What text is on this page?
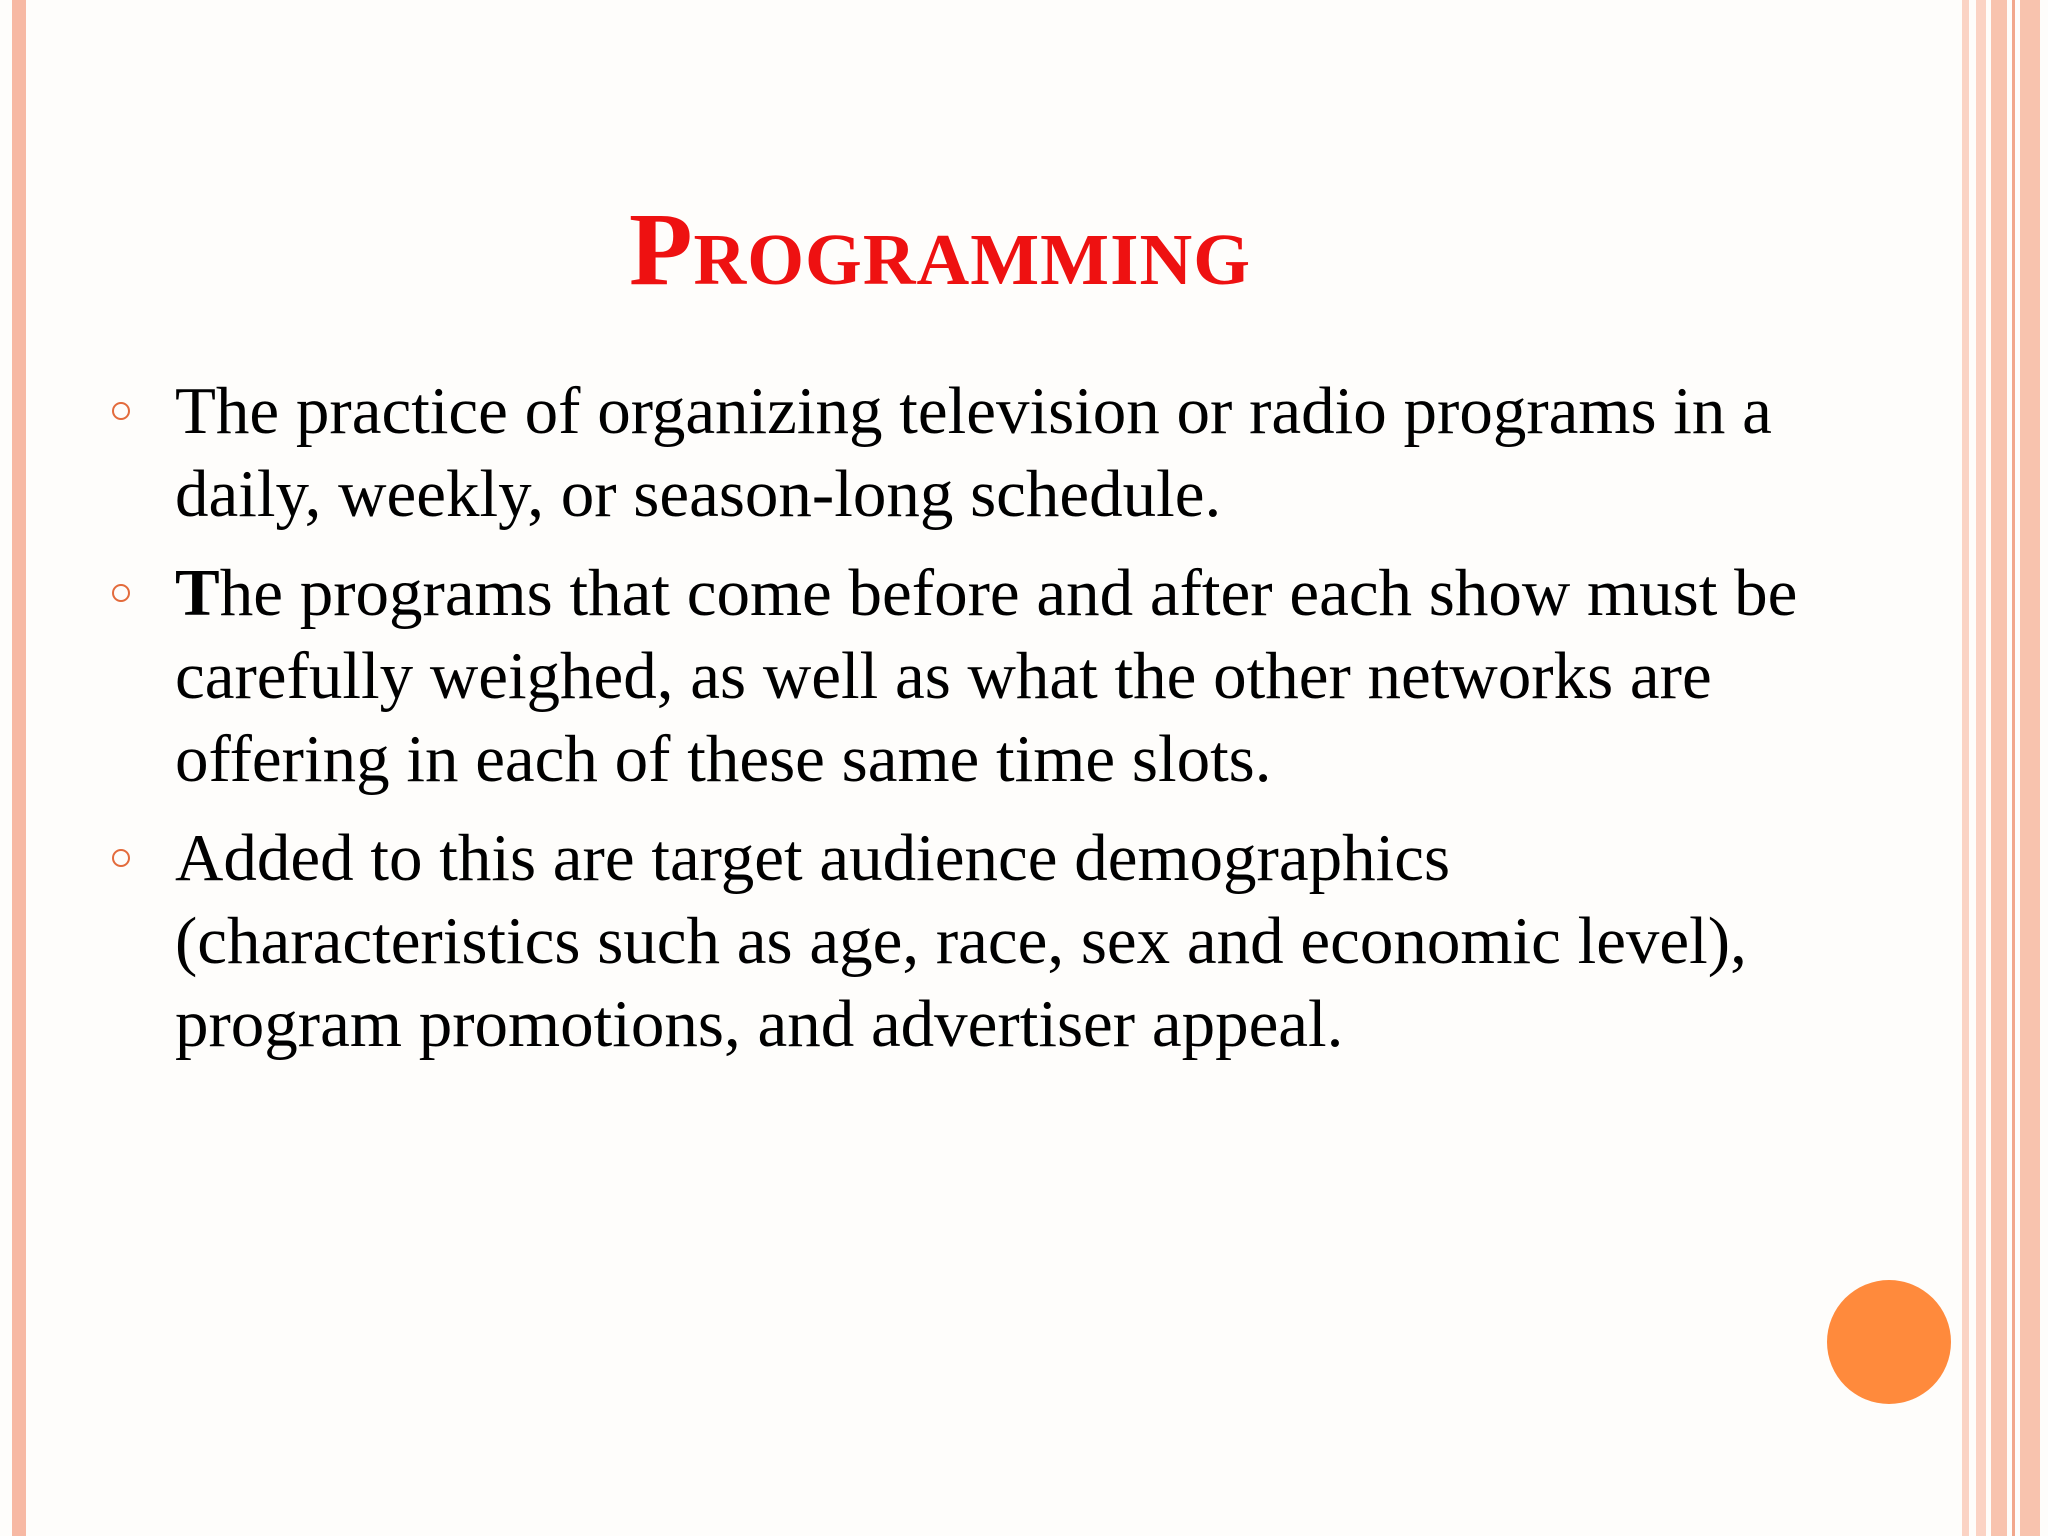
Programming
The practice of organizing television or radio programs in a daily, weekly, or season-long schedule.
The programs that come before and after each show must be carefully weighed, as well as what the other networks are offering in each of these same time slots.
Added to this are target audience demographics (characteristics such as age, race, sex and economic level), program promotions, and advertiser appeal.
